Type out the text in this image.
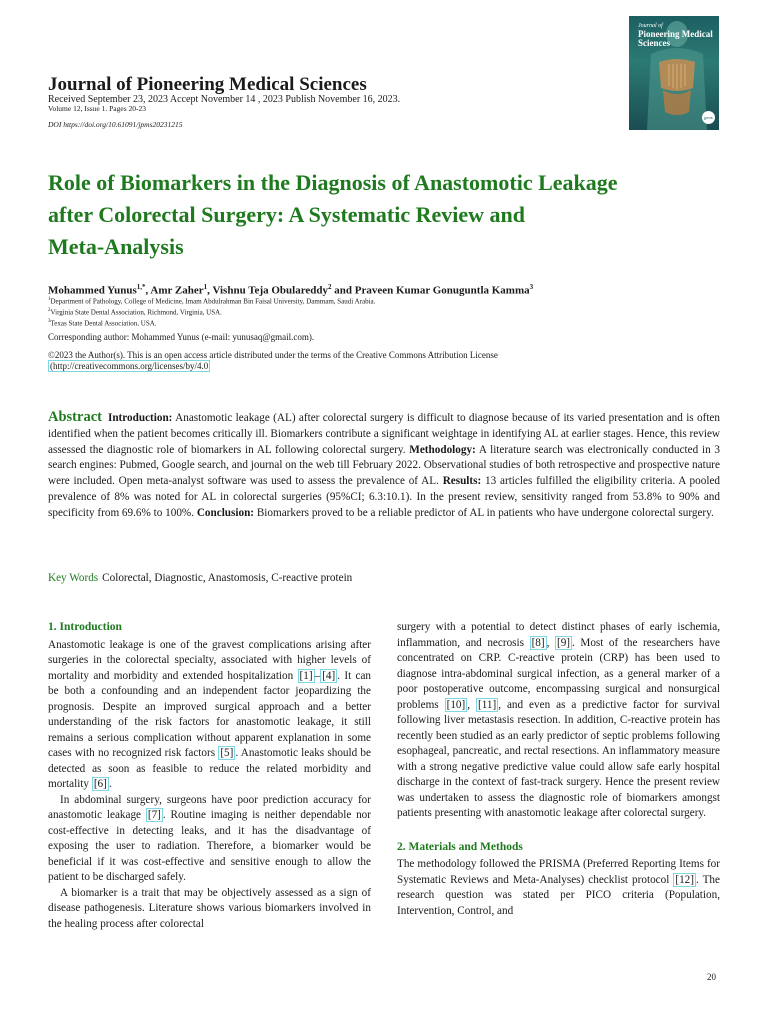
Journal of Pioneering Medical Sciences
Received September 23, 2023 Accept November 14 , 2023 Publish November 16, 2023.
Volume 12, Issue 1. Pages 20-23
DOI https://doi.org/10.61091/jpms20231215
Journal of
Pioneering Medical
Sciences
jpms
Role of Biomarkers in the Diagnosis of Anastomotic Leakage
after Colorectal Surgery: A Systematic Review and
Meta-Analysis
Mohammed Yunus$^{1,*}$, Amr Zaher$^1$, Vishnu Teja Obulareddy$^2$ and Praveen Kumar Gonuguntla Kamma$^3$
$^1$Department of Pathology, College of Medicine, Imam Abdulrahman Bin Faisal University, Dammam, Saudi Arabia.
$^2$Virginia State Dental Association, Richmond, Virginia, USA.
$^3$Texas State Dental Association, USA.
Corresponding author: Mohammed Yunus (e-mail: yunusaq@gmail.com).
©2023 the Author(s). This is an open access article distributed under the terms of the Creative Commons Attribution License
(http://creativecommons.org/licenses/by/4.0
Abstract Introduction: Anastomotic leakage (AL) after colorectal surgery is difficult to diagnose because of its varied presentation and is often identified when the patient becomes critically ill. Biomarkers contribute a significant weightage in identifying AL at earlier stages. Hence, this review assessed the diagnostic role of biomarkers in AL following colorectal surgery. Methodology: A literature search was electronically conducted in 3 search engines: Pubmed, Google search, and journal on the web till February 2022. Observational studies of both retrospective and prospective nature were included. Open meta-analyst software was used to assess the prevalence of AL. Results: 13 articles fulfilled the eligibility criteria. A pooled prevalence of 8% was noted for AL in colorectal surgeries (95%CI; 6.3:10.1). In the present review, sensitivity ranged from 53.8% to 90% and specificity from 69.6% to 100%. Conclusion: Biomarkers proved to be a reliable predictor of AL in patients who have undergone colorectal surgery.
Key Words Colorectal, Diagnostic, Anastomosis, C-reactive protein
1. Introduction

Anastomotic leakage is one of the gravest complications arising after surgeries in the colorectal specialty, associated with higher levels of mortality and morbidity and extended hospitalization [1] – [4] . It can be both a confounding and an independent factor jeopardizing the prognosis. Despite an improved surgical approach and a better understanding of the risk factors for anastomotic leakage, it still remains a serious complication without apparent explanation in some cases with no recognized risk factors [5] . Anastomotic leaks should be detected as soon as feasible to reduce the related morbidity and mortality [6] .

In abdominal surgery, surgeons have poor prediction accuracy for anastomotic leakage [7] . Routine imaging is neither dependable nor cost-effective in detecting leaks, and it has the disadvantage of exposing the user to radiation. Therefore, a biomarker would be beneficial if it was cost-effective and sensitive enough to allow the patient to be discharged safely.

A biomarker is a trait that may be objectively assessed as a sign of disease pathogenesis. Literature shows various biomarkers involved in the healing process after colorectal

surgery with a potential to detect distinct phases of early ischemia, inflammation, and necrosis [8] , [9] . Most of the researchers have concentrated on CRP. C-reactive protein (CRP) has been used to diagnose intra-abdominal surgical infection, as a general marker of a poor postoperative outcome, encompassing surgical and nonsurgical problems [10] , [11] , and even as a predictive factor for survival following liver metastasis resection. In addition, C-reactive protein has recently been studied as an early predictor of septic problems following esophageal, pancreatic, and rectal resections. An inflammatory measure with a strong negative predictive value could allow safe early hospital discharge in the context of fast-track surgery. Hence the present review was undertaken to assess the diagnostic role of biomarkers amongst patients presenting with anastomotic leakage after colorectal surgery.

2. Materials and Methods

The methodology followed the PRISMA (Preferred Reporting Items for Systematic Reviews and Meta-Analyses) checklist protocol [12] . The research question was stated per PICO criteria (Population, Intervention, Control, and

20
